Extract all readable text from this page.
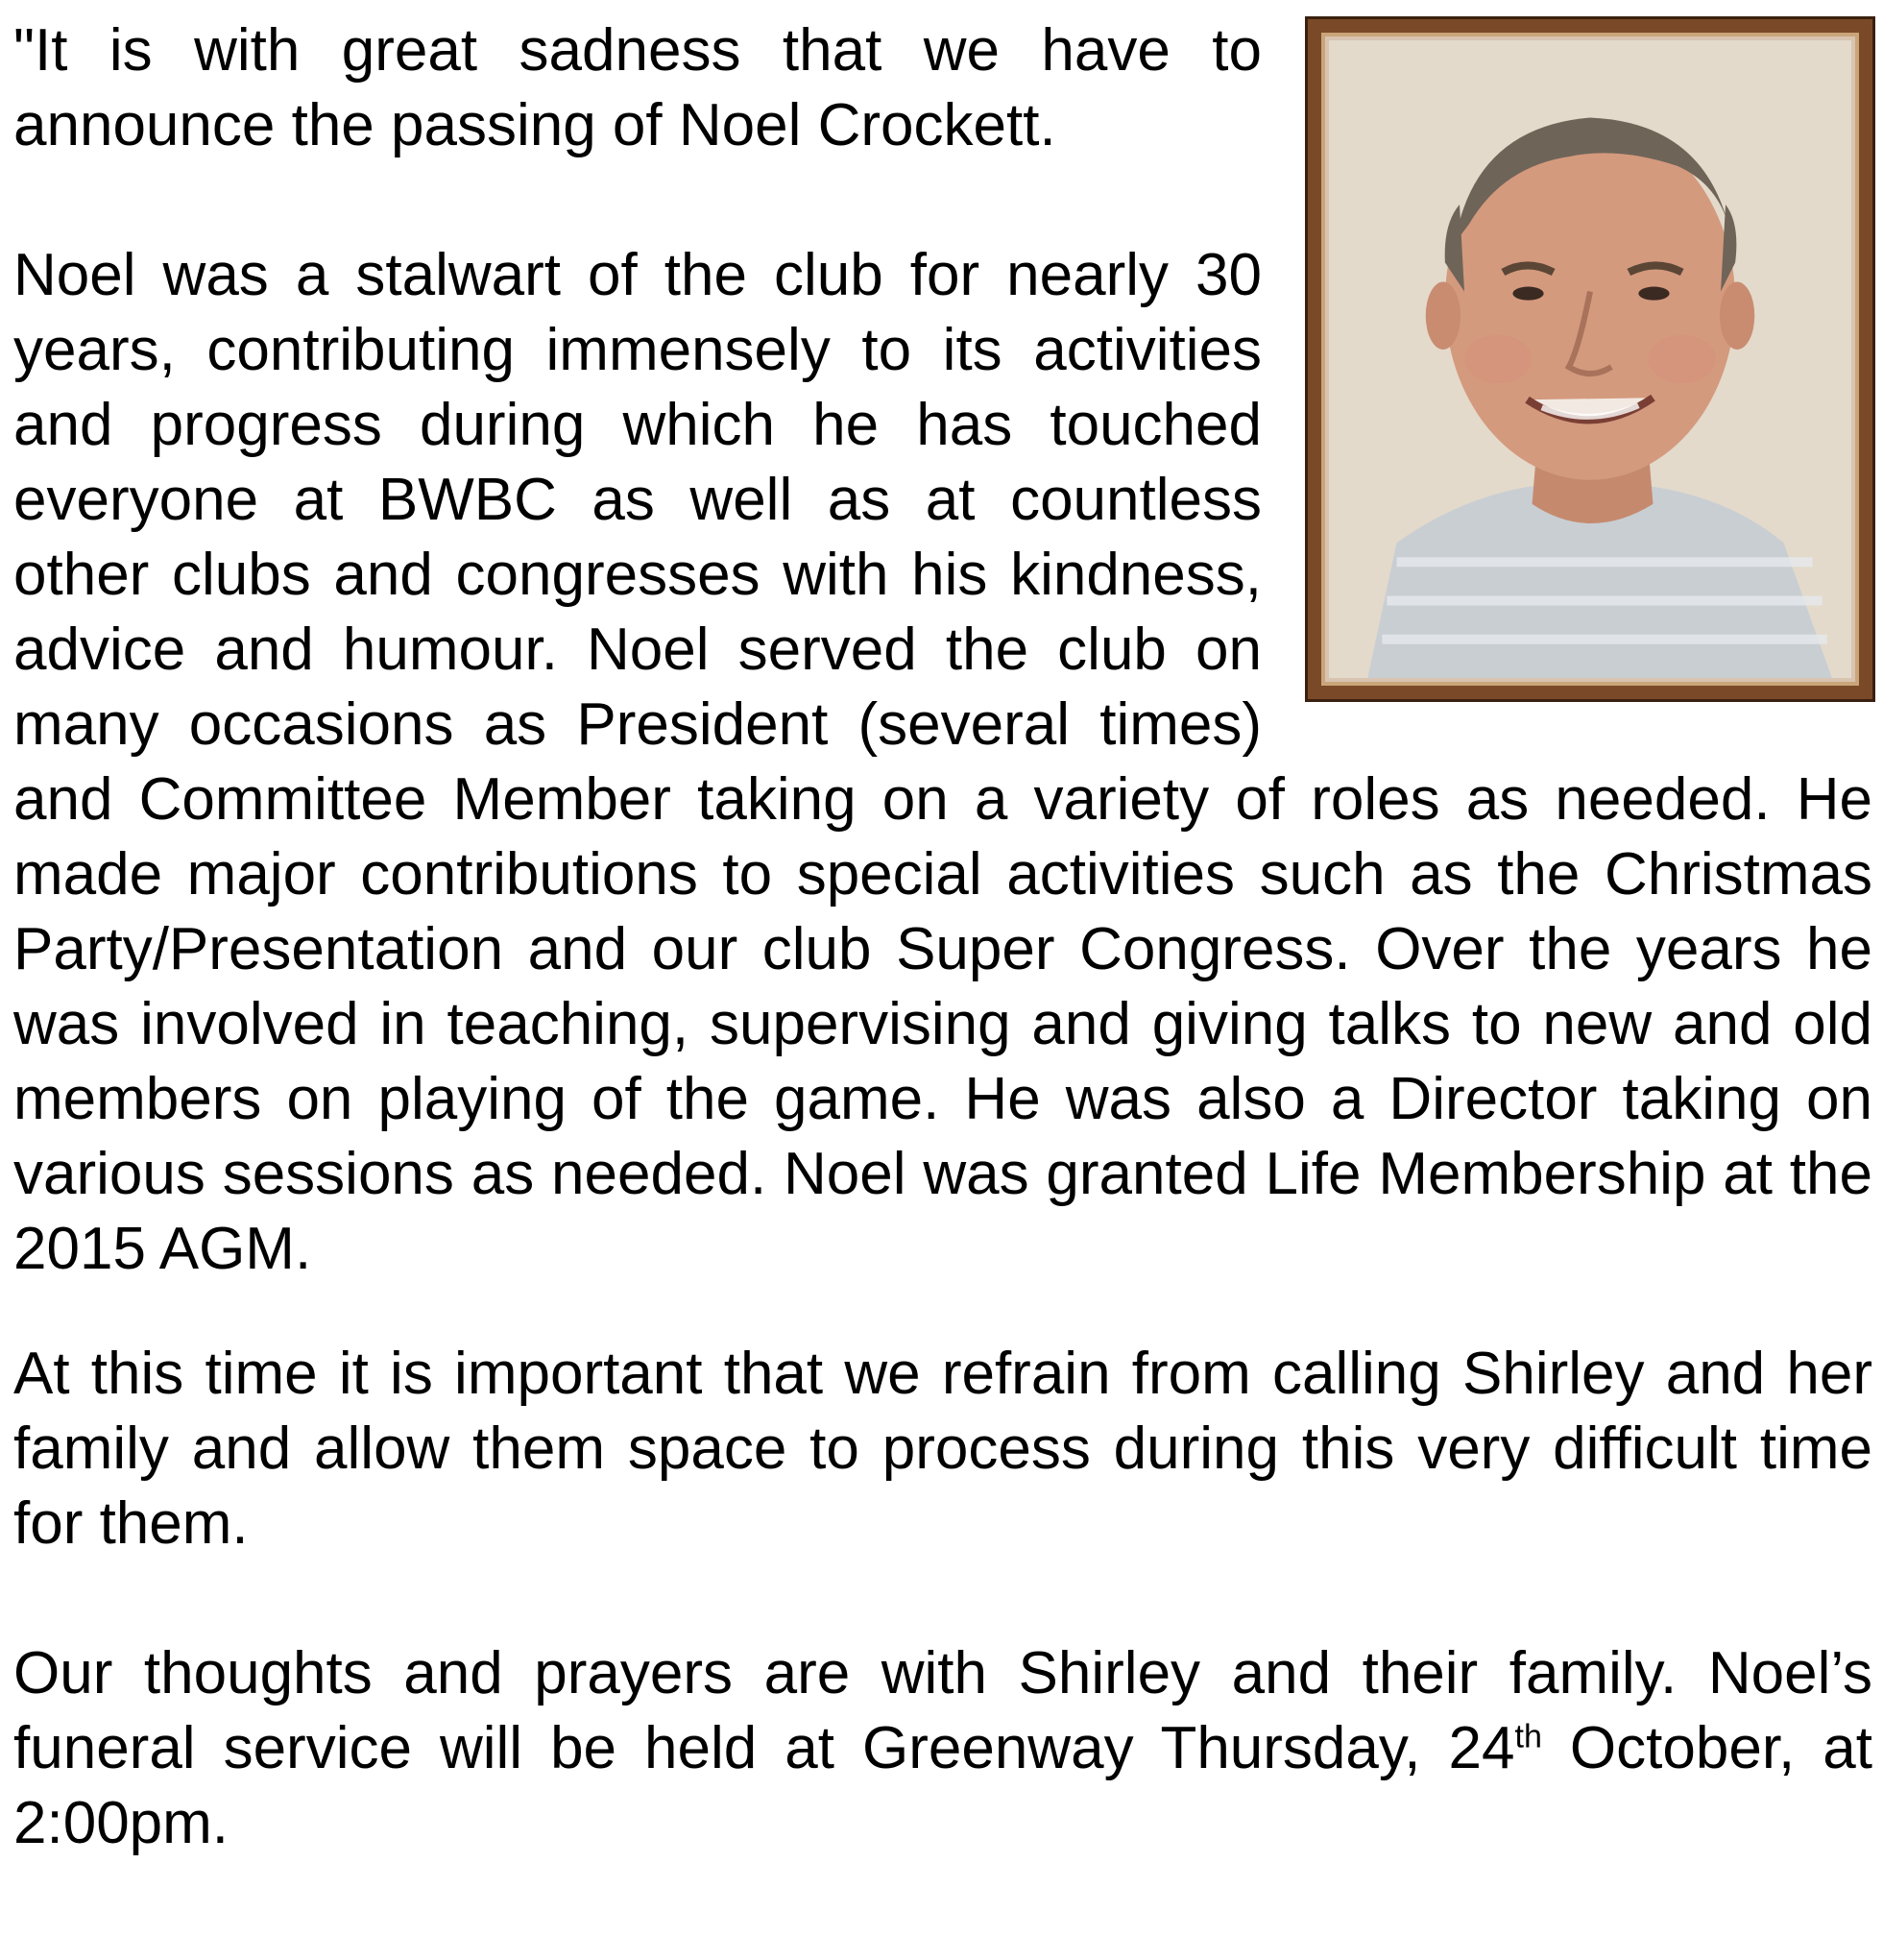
"It is with great sadness that we have to announce the passing of Noel Crockett.

Noel was a stalwart of the club for nearly 30 years, contributing immensely to its activities and progress during which he has touched everyone at BWBC as well as at countless other clubs and congresses with his kindness, advice and humour. Noel served the club on many occasions as President (several times) and Committee Member taking on a variety of roles as needed. He made major contributions to special activities such as the Christmas Party/Presentation and our club Super Congress. Over the years he was involved in teaching, supervising and giving talks to new and old members on playing of the game. He was also a Director taking on various sessions as needed. Noel was granted Life Membership at the 2015 AGM.

At this time it is important that we refrain from calling Shirley and her family and allow them space to process during this very difficult time for them.

Our thoughts and prayers are with Shirley and their family. Noel’s funeral service will be held at Greenway Thursday, 24th October, at 2:00pm.
